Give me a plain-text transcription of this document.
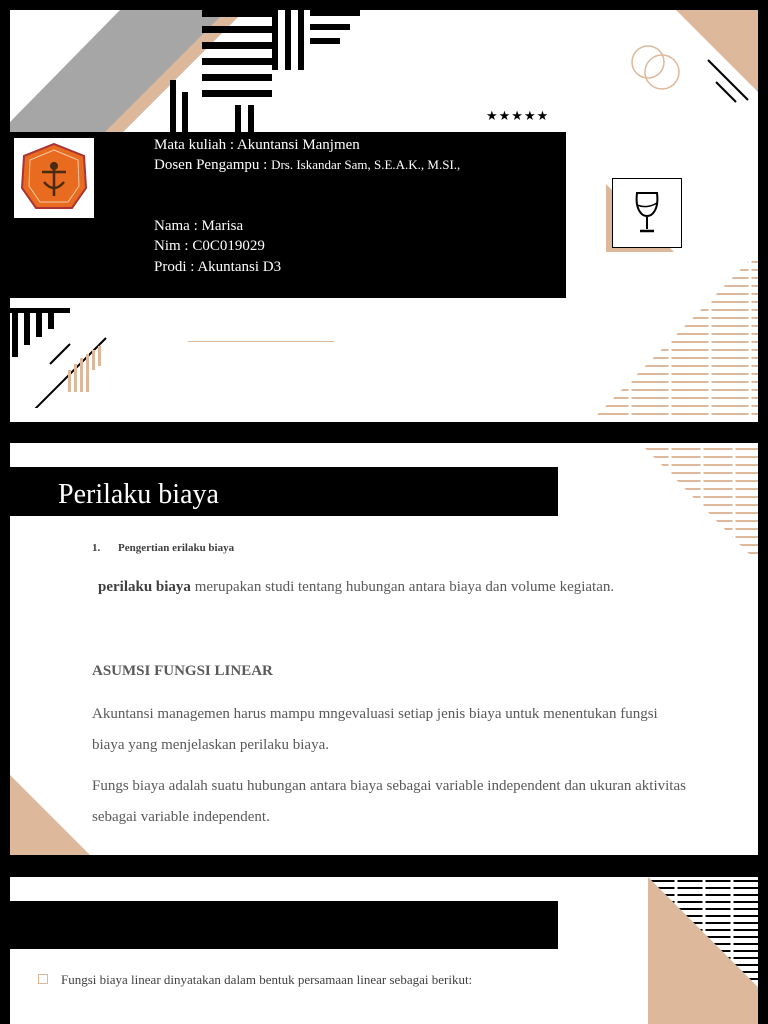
★★★★★
Mata kuliah : Akuntansi Manjmen
Dosen Pengampu : Drs. Iskandar Sam, S.E.A.K., M.SI.,
Nama : Marisa
Nim : C0C019029
Prodi : Akuntansi D3
Perilaku biaya
1. Pengertian erilaku biaya
perilaku biaya merupakan studi tentang hubungan antara biaya dan volume kegiatan.
ASUMSI FUNGSI LINEAR
Akuntansi managemen harus mampu mngevaluasi setiap jenis biaya untuk menentukan fungsi biaya yang menjelaskan perilaku biaya.
Fungs biaya adalah suatu hubungan antara biaya sebagai variable independent dan ukuran aktivitas sebagai variable independent.
Fungsi biaya linear dinyatakan dalam bentuk persamaan linear sebagai berikut:
